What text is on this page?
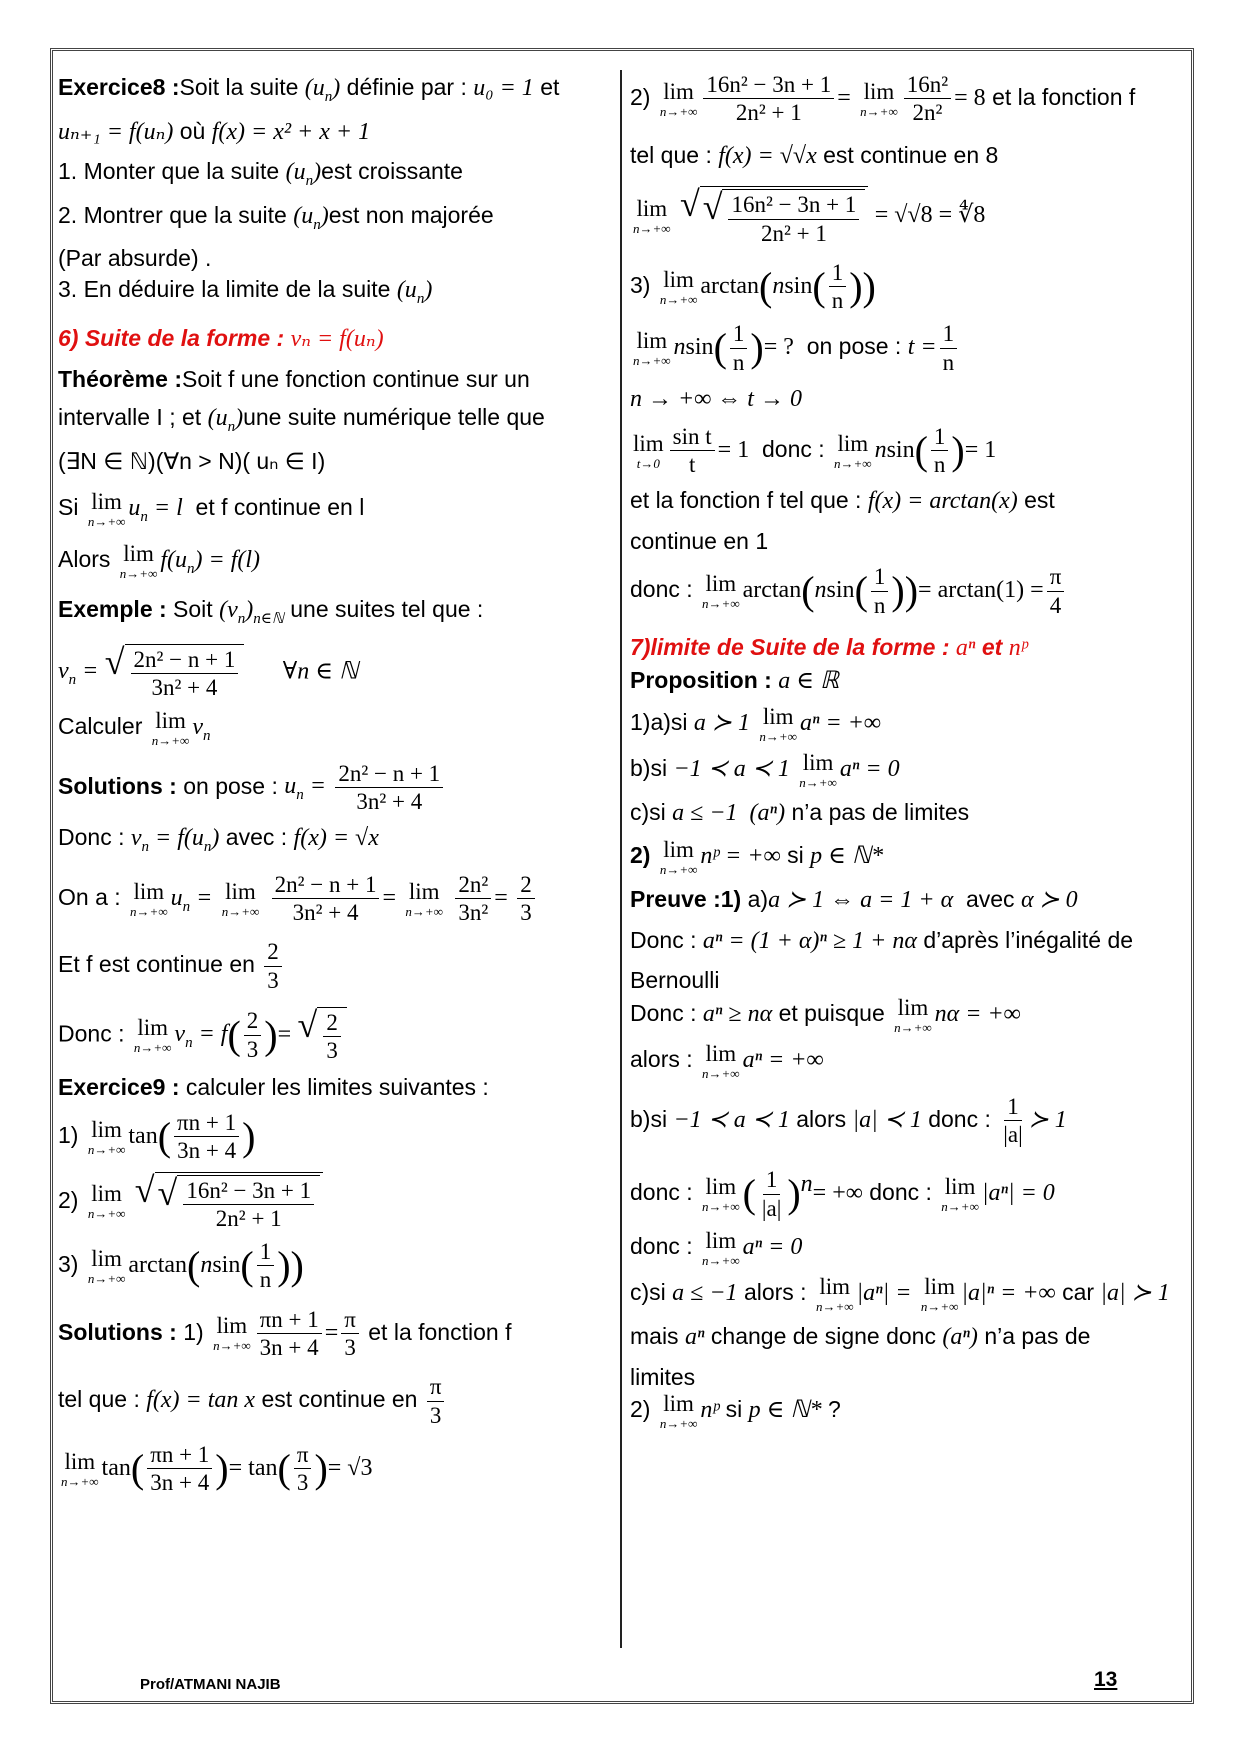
Exercice8 :Soit la suite $(u_n)$ définie par : u₀ = 1 et
uₙ₊₁ = f(uₙ) où f(x) = x² + x + 1
1. Monter que la suite $(u_n)est$ croissante
2. Montrer que la suite $(u_n)est$ non majorée
(Par absurde) .
3. En déduire la limite de la suite $(u_n)$
6) Suite de la forme : vₙ = f(uₙ)
Théorème :Soit f une fonction continue sur un
intervalle I ; et $(u_n)une$ suite numérique telle que
(∃N ∈ ℕ)(∀n > N)( uₙ ∈ I)
Si lim
n→+∞
$u_n = l$ et f continue en l
Alors lim
n→+∞
$f(u_n) = f(l)$
Exemple : Soit $(v_n)_{n\in ℕ}$ une suites tel que :
$v_n$ = √ $\frac{\text{2n² − n + 1}}{\text{3n² + 4}}$ ∀n ∈ ℕ
Calculer lim
n→+∞
$v_n$
Solutions : on pose : $u_n = \frac{\text{2n² − n + 1}}{\text{3n² + 4}}$
Donc : $v_n = f(u_n)$ avec : f(x) = √x
On a : lim
n→+∞
$u_n = \lim$
n→+∞
$\frac{\text{2n² − n + 1}}{\text{3n² + 4}} = \lim$
n→+∞
$\frac{\text{2n²}}{\text{3n²}} = \frac{2}{3}$
Et f est continue en $\frac{2}{3}$
Donc : lim
n→+∞
$v_n = f( \frac{2}{3}$ )= √ $\frac{2}{3}$
Exercice9 : calculer les limites suivantes :
1) lim
n→+∞
$\tan( \frac{\pi n + 1}{3n + 4}$ )
2) lim
n→+∞

√ √ $\frac{\text{16n² − 3n + 1}}{\text{2n² + 1}}$
3) lim
n→+∞
$\arctan(nsin( \frac{1}{n}$ ))
Solutions : 1) lim
$n\to+\infty \frac{\pi n + 1}{3n + 4} = \frac{\pi}{3}$ et la fonction f
tel que : f(x) = tan x est continue en $\frac{\pi}{3}$
lim
n→+∞
$\tan( \frac{\pi n + 1}{3n + 4}$ )= $\tan( \frac{\pi}{3}$ )= √3
2) lim
$n\to+\infty \frac{\text{16n² − 3n + 1}}{\text{2n² + 1}} = \lim$
$n\to+\infty \frac{\text{16n²}}{\text{2n²}} = 8$ et la fonction f
tel que : f(x) = √√x est continue en 8
lim
n→+∞

√ √ $\frac{\text{16n² − 3n + 1}}{\text{2n² + 1}} = √√8$ = ∜8
3) lim
n→+∞
$\arctan(nsin( \frac{1}{n}$ ))
lim
n→+∞
$nsin( \frac{1}{n}$ )= ? on pose : $t = \frac{1}{n}$
n → +∞ ⇔ t → 0
lim
$t\to 0 \frac{\text{sin t}}{t} = 1$ donc : lim
n→+∞
$nsin( \frac{1}{n}$ )= 1
et la fonction f tel que : f(x) = arctan(x) est
continue en 1
donc : lim
n→+∞
$\arctan(nsin( \frac{1}{n}$ ))= $\arctan(1) = \frac{\pi}{4}$
7)limite de Suite de la forme : aⁿ et nᵖ
Proposition : a ∈ ℝ
1)a)si a ≻ 1 lim
n→+∞
aⁿ = +∞
b)si −1 ≺ a ≺ 1 lim
n→+∞
aⁿ = 0
c)si a ≤ −1  (aⁿ) n’a pas de limites
2) lim
n→+∞
nᵖ = +∞ si p ∈ ℕ*
Preuve :1) a)a ≻ 1 ⇔ a = 1 + α avec α ≻ 0
Donc : aⁿ = (1 + α)ⁿ ≥ 1 + nα d’après l’inégalité de
Bernoulli
Donc : aⁿ ≥ nα et puisque lim
n→+∞
nα = +∞
alors : lim
n→+∞
aⁿ = +∞
b)si −1 ≺ a ≺ 1 alors |a| ≺ 1 donc : $\frac{1}{|a|}$ ≻ 1
donc : lim
n→+∞ ( $\frac{1}{|a|} )^n=$ +∞ donc : lim
n→+∞
|aⁿ| = 0
donc : lim
n→+∞
aⁿ = 0
c)si a ≤ −1 alors : lim
n→+∞
|aⁿ| = lim
n→+∞
|a|ⁿ = +∞ car |a| ≻ 1
mais aⁿ change de signe donc (aⁿ) n’a pas de
limites
2) lim
n→+∞
nᵖ si p ∈ ℕ* ?
Prof/ATMANI NAJIB	13
